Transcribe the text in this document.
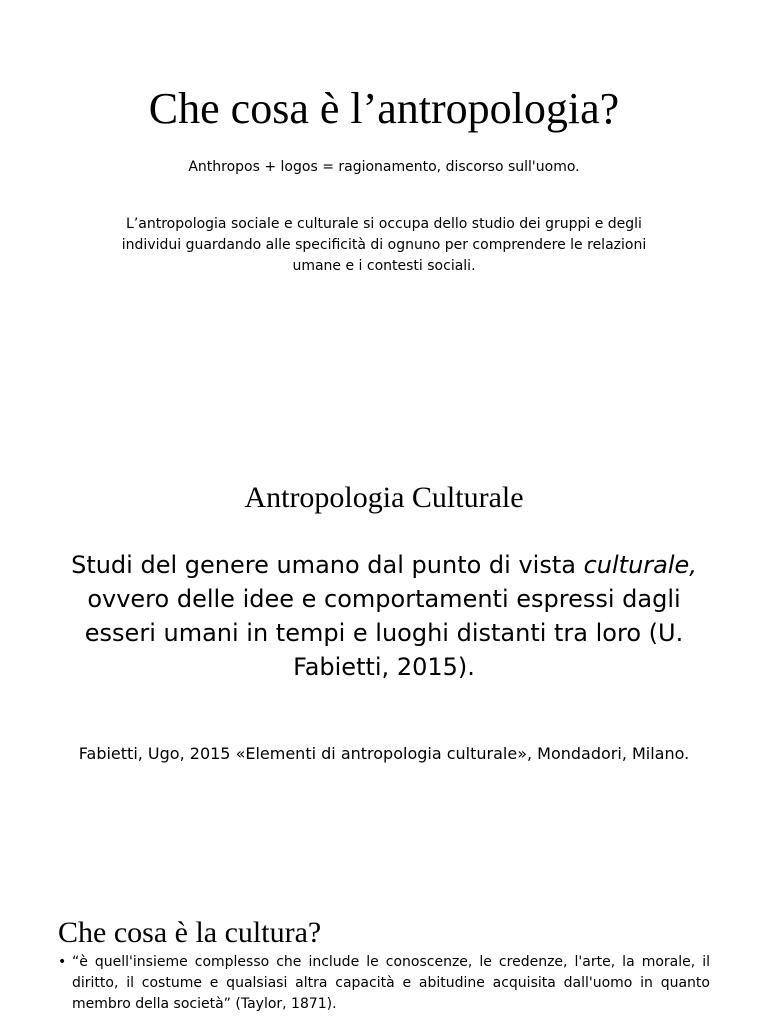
Che cosa è l’antropologia?
Anthropos + logos = ragionamento, discorso sull'uomo.
L’antropologia sociale e culturale si occupa dello studio dei gruppi e degli individui guardando alle specificità di ognuno per comprendere le relazioni umane e i contesti sociali.
Antropologia Culturale
Studi del genere umano dal punto di vista culturale, ovvero delle idee e comportamenti espressi dagli esseri umani in tempi e luoghi distanti tra loro (U. Fabietti, 2015).
Fabietti, Ugo, 2015 «Elementi di antropologia culturale», Mondadori, Milano.
Che cosa è la cultura?
• “è quell'insieme complesso che include le conoscenze, le credenze, l'arte, la morale, il diritto, il costume e qualsiasi altra capacità e abitudine acquisita dall'uomo in quanto membro della società” (Taylor, 1871).
